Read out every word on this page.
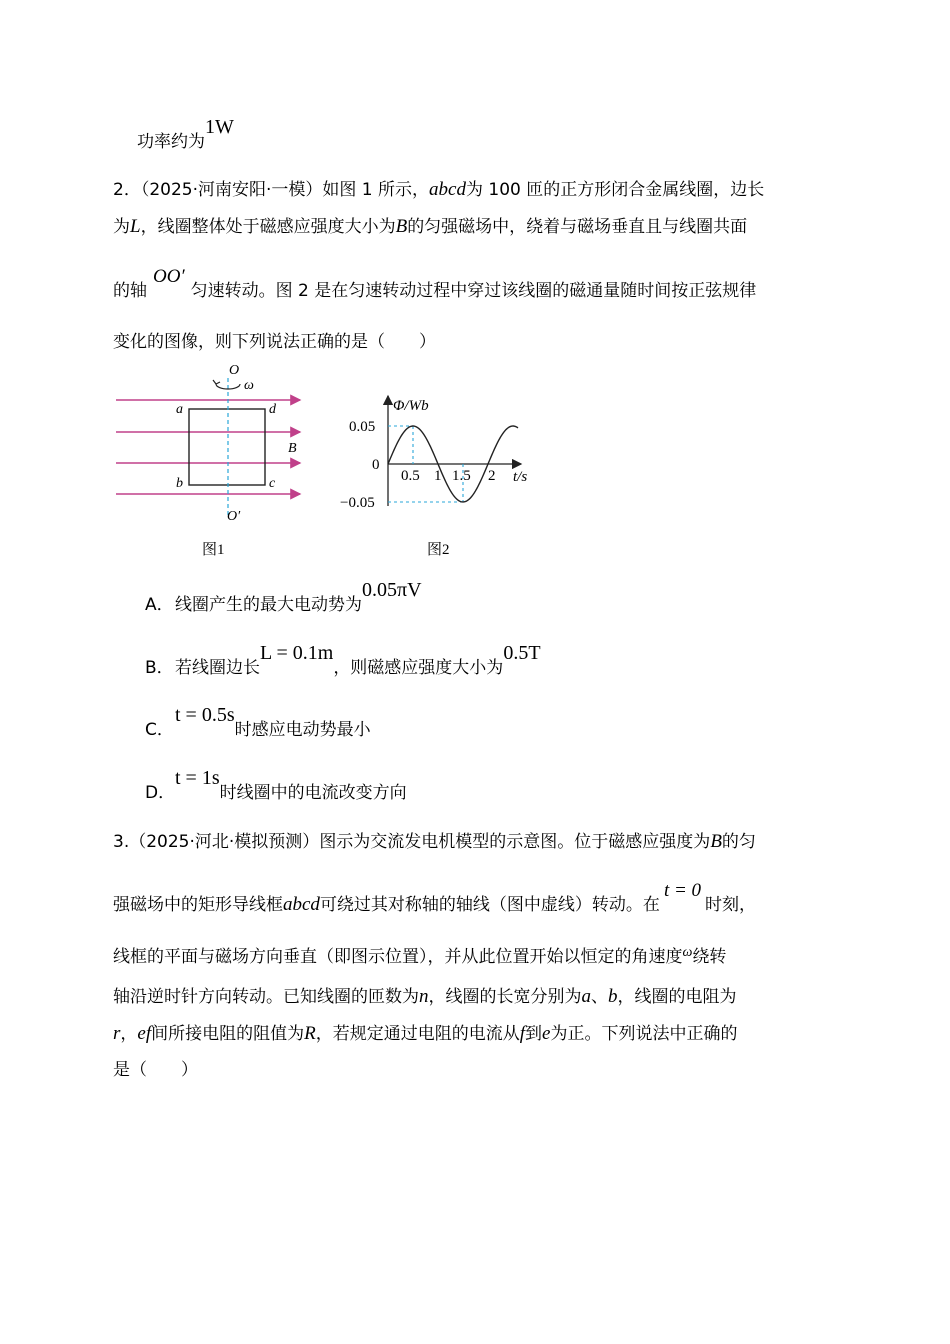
功率约为1W
2．（2025·河南安阳·一模）如图 1 所示，abcd为 100 匝的正方形闭合金属线圈，边长
为L，线圈整体处于磁感应强度大小为B的匀强磁场中，绕着与磁场垂直且与线圈共面
的轴OO′匀速转动。图 2 是在匀速转动过程中穿过该线圈的磁通量随时间按正弦规律
变化的图像，则下列说法正确的是（　　）
O
ω
a	d
b	c
B
O′
图1
Φ/Wb
t/s
0.05
0
−0.05
0.5 1 1.5 2
图2
A．线圈产生的最大电动势为0.05πV
B．若线圈边长L = 0.1m，则磁感应强度大小为0.5T
C．t = 0.5s时感应电动势最小
D．t = 1s时线圈中的电流改变方向
3.（2025·河北·模拟预测）图示为交流发电机模型的示意图。位于磁感应强度为B的匀
强磁场中的矩形导线框abcd可绕过其对称轴的轴线（图中虚线）转动。在t = 0时刻，
线框的平面与磁场方向垂直（即图示位置），并从此位置开始以恒定的角速度$^\omega$绕转
轴沿逆时针方向转动。已知线圈的匝数为n，线圈的长宽分别为a、b，线圈的电阻为
r，ef间所接电阻的阻值为R，若规定通过电阻的电流从f到e为正。下列说法中正确的
是（　　）
